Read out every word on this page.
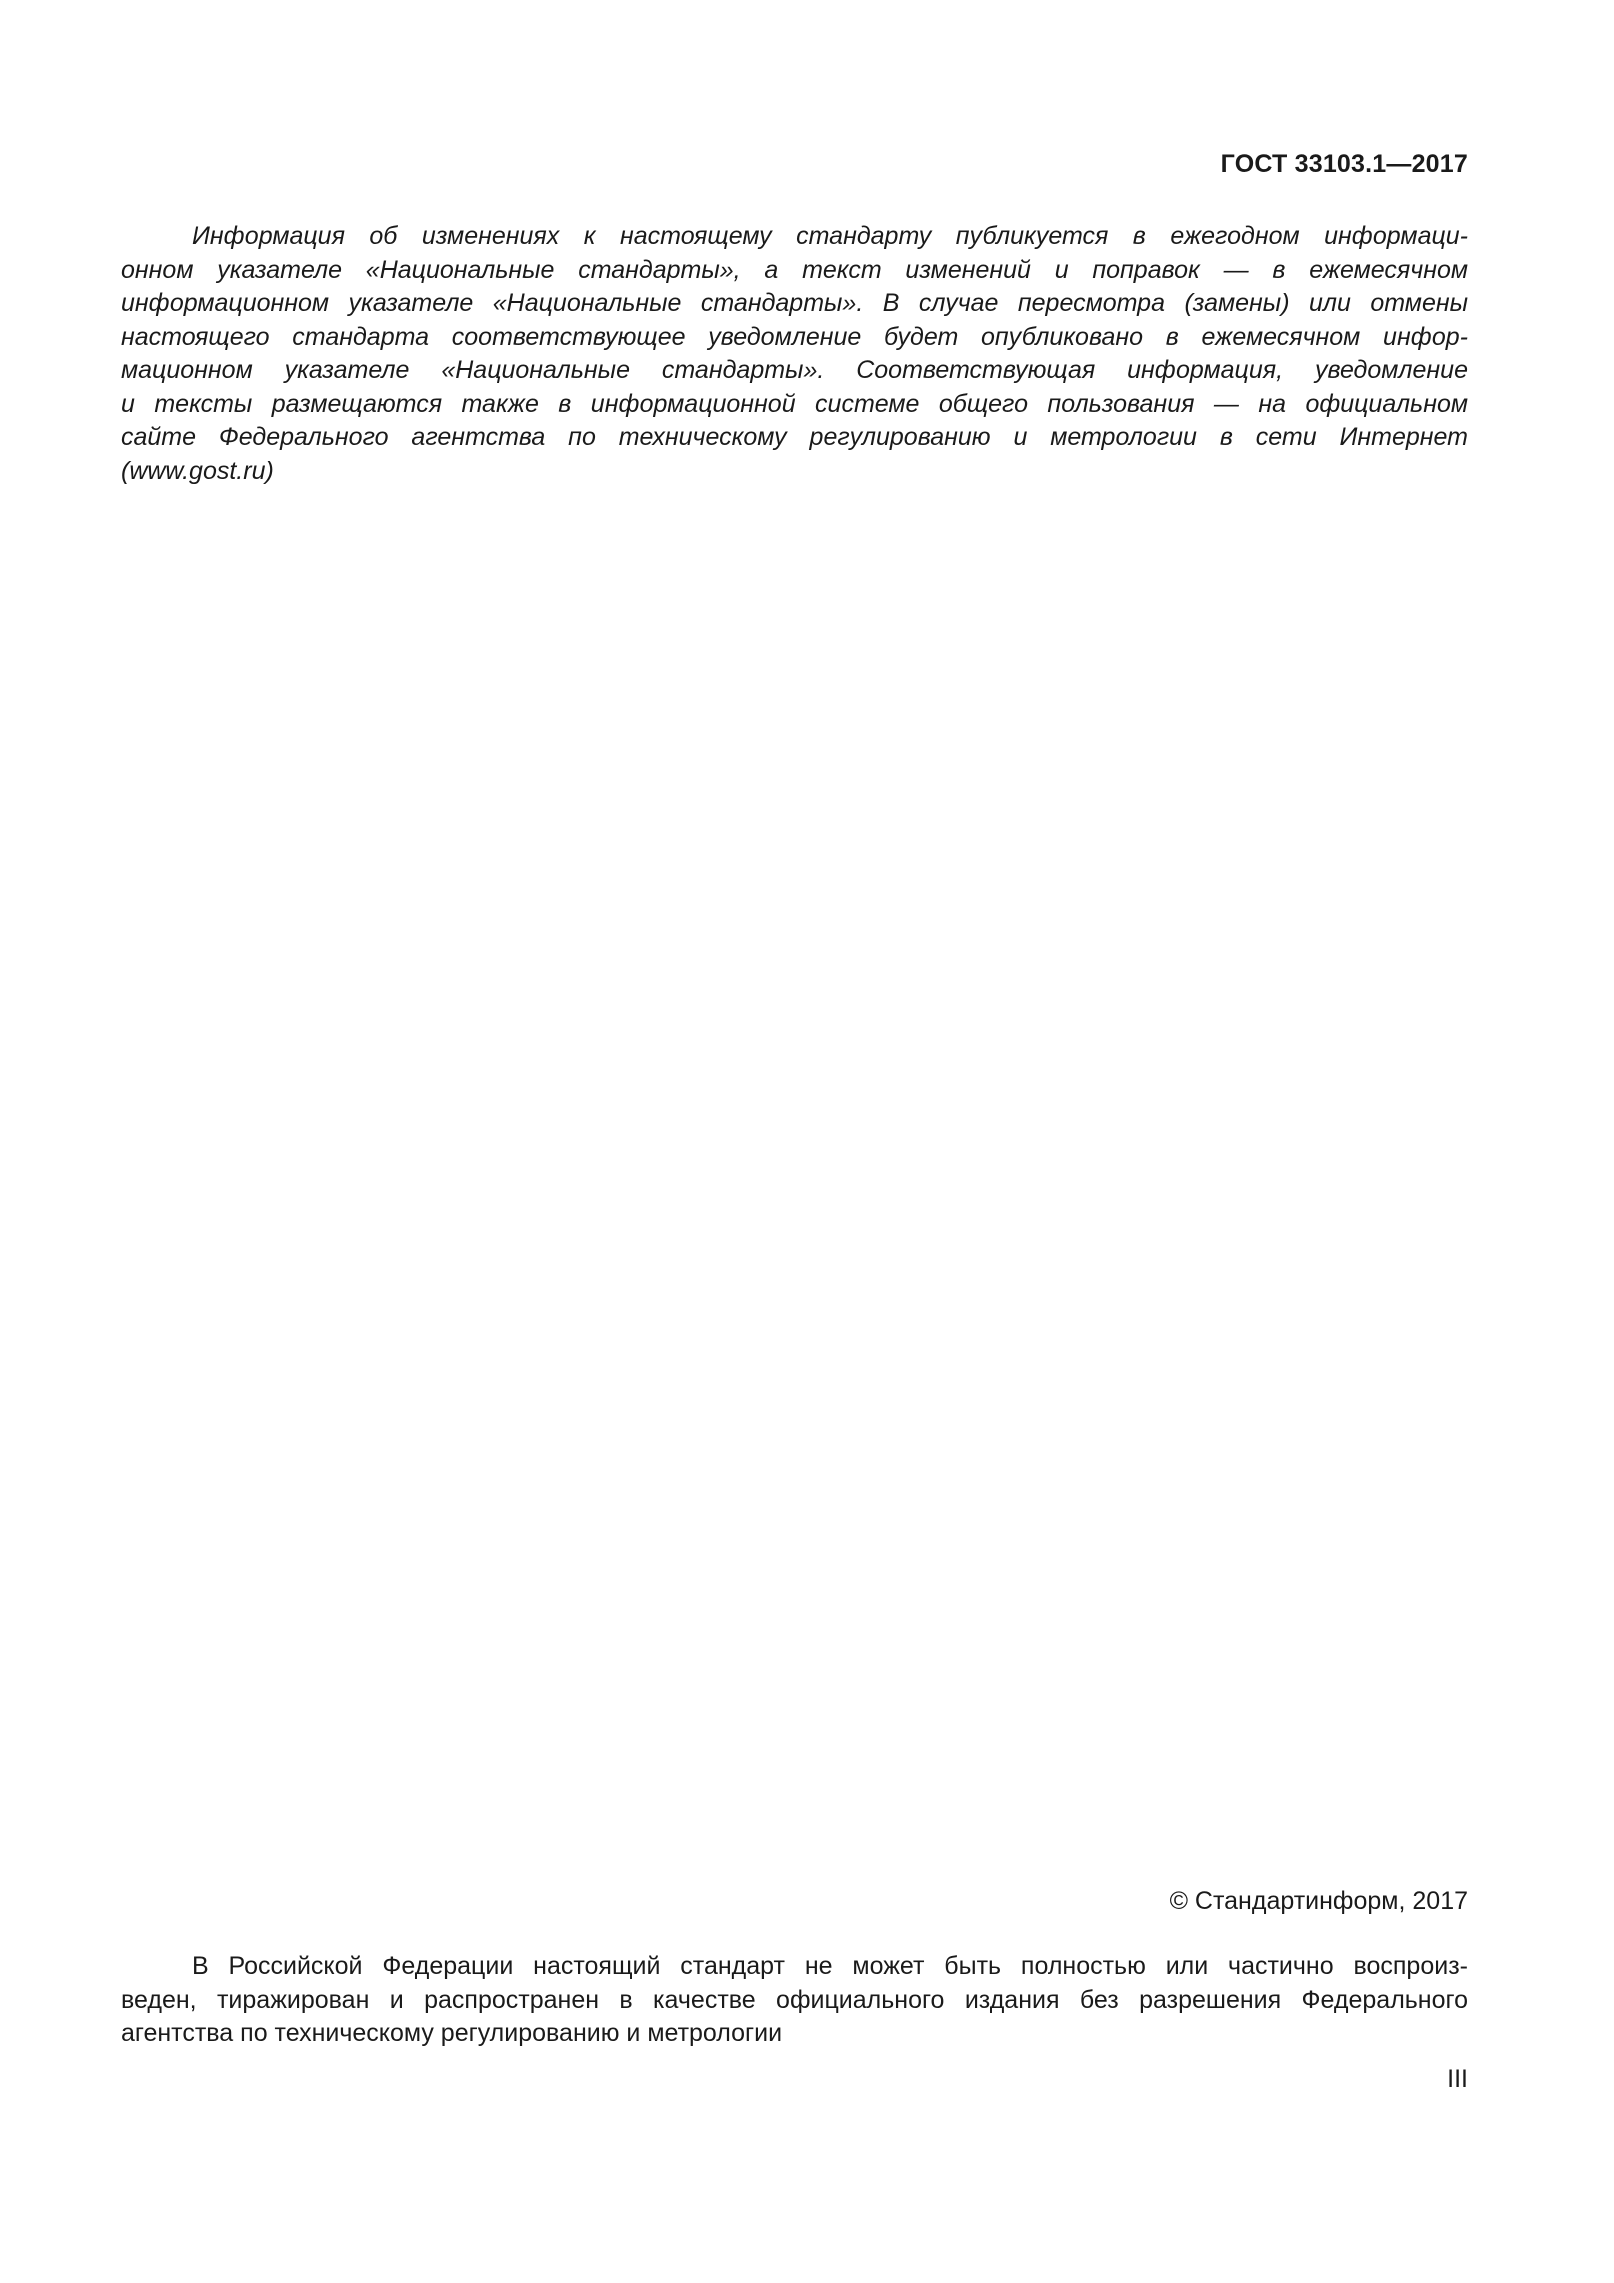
ГОСТ 33103.1—2017
Информация об изменениях к настоящему стандарту публикуется в ежегодном информаци-
онном указателе «Национальные стандарты», а текст изменений и поправок — в ежемесячном
информационном указателе «Национальные стандарты». В случае пересмотра (замены) или отмены
настоящего стандарта соответствующее уведомление будет опубликовано в ежемесячном инфор-
мационном указателе «Национальные стандарты». Соответствующая информация, уведомление
и тексты размещаются также в информационной системе общего пользования — на официальном
сайте Федерального агентства по техническому регулированию и метрологии в сети Интернет
(www.gost.ru)
© Стандартинформ, 2017
В Российской Федерации настоящий стандарт не может быть полностью или частично воспроиз-
веден, тиражирован и распространен в качестве официального издания без разрешения Федерального
агентства по техническому регулированию и метрологии
III
